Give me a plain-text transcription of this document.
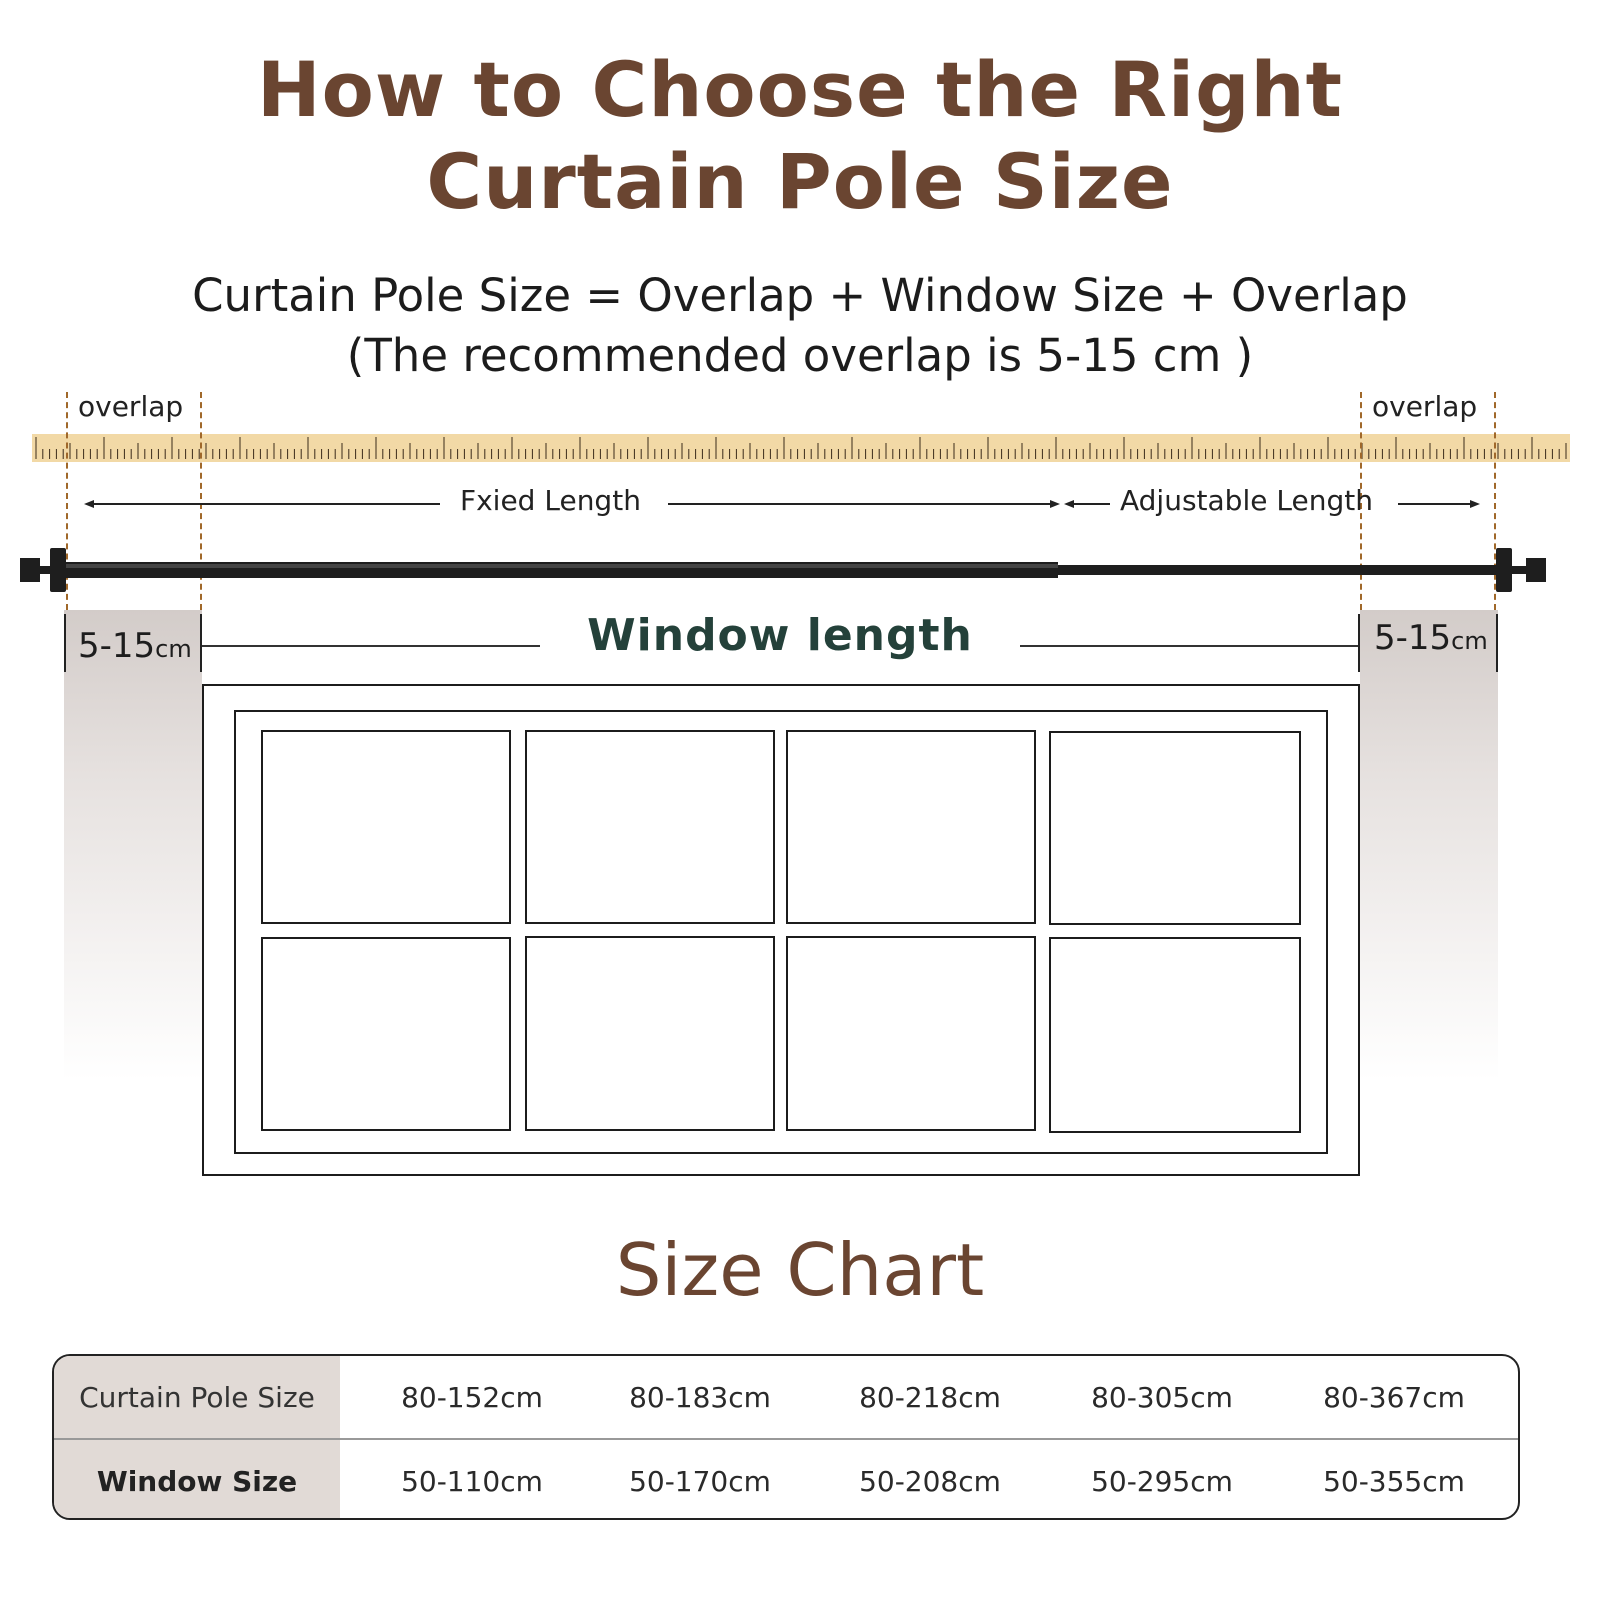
How to Choose the Right
Curtain Pole Size
Curtain Pole Size = Overlap + Window Size + Overlap
(The recommended overlap is 5-15 cm )
overlap	overlap
Fxied Length	Adjustable Length
5-15cm	5-15cm
Window length
Size Chart
Curtain Pole Size	80-152cm	80-183cm	80-218cm	80-305cm	80-367cm
Window Size	50-110cm	50-170cm	50-208cm	50-295cm	50-355cm
